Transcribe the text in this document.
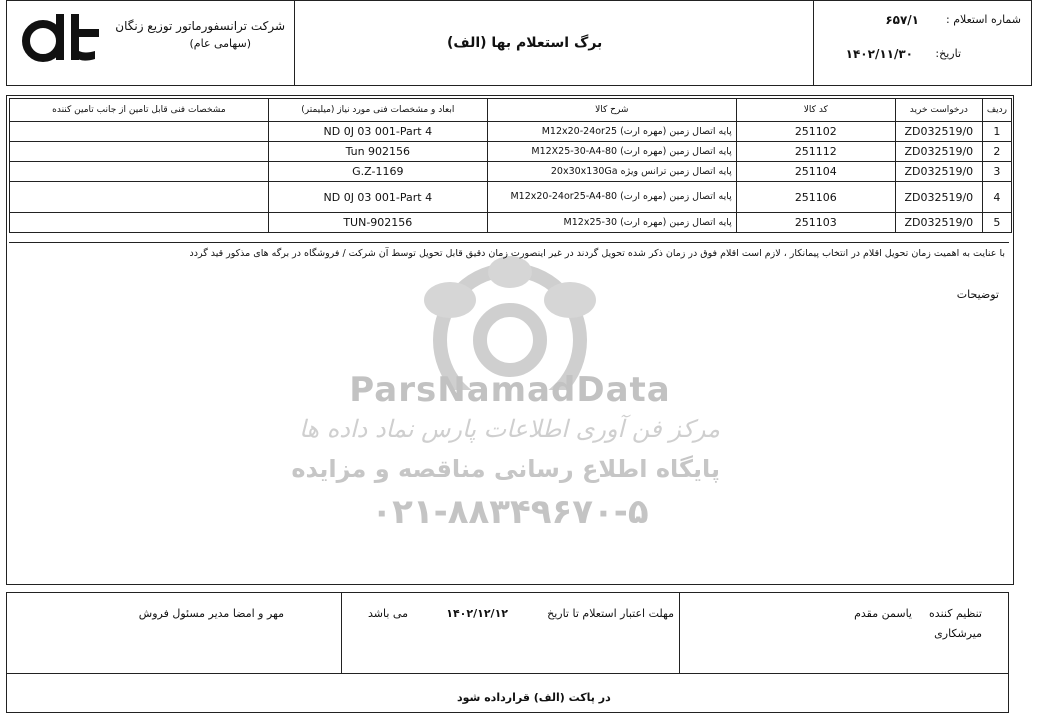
ParsNamadData
مرکز فن آوری اطلاعات پارس نماد داده ها
پایگاه اطلاع رسانی مناقصه و مزایده
۰۲۱-۸۸۳۴۹۶۷۰-۵
شرکت ترانسفورماتور توزیع زنگان
(سهامی عام)	برگ استعلام بها (الف)
شماره استعلام :
۶۵۷/۱
تاریخ:
۱۴۰۲/۱۱/۳۰
ردیف	درخواست خرید	کد کالا	شرح کالا	ابعاد و مشخصات فنی مورد نیاز (میلیمتر)	مشخصات فنی قابل تامین از جانب تامین کننده
1	ZD032519/0	251102	پایه اتصال زمین (مهره ارت) M12x20-24or25	ND 0J 03 001-Part 4	
2	ZD032519/0	251112	پایه اتصال زمین (مهره ارت) M12X25-30-A4-80	Tun 902156	
3	ZD032519/0	251104	پایه اتصال زمین ترانس ویژه 20x30x130Ga	G.Z-1169	
4	ZD032519/0	251106	پایه اتصال زمین (مهره ارت) M12x20-24or25-A4-80	ND 0J 03 001-Part 4	
5	ZD032519/0	251103	پایه اتصال زمین (مهره ارت) M12x25-30	TUN-902156	
با عنایت به اهمیت زمان تحویل اقلام در انتخاب پیمانکار ، لازم است اقلام فوق در زمان ذکر شده تحویل گردند در غیر اینصورت زمان دقیق قابل تحویل توسط آن شرکت / فروشگاه در برگه های مذکور قید گردد
توضیحات
تنظیم کننده
یاسمن مقدم
میرشکاری
مهلت اعتبار استعلام تا تاریخ
۱۴۰۲/۱۲/۱۲
می باشد
مهر و امضا مدیر مسئول فروش
در پاکت (الف) قرارداده شود
